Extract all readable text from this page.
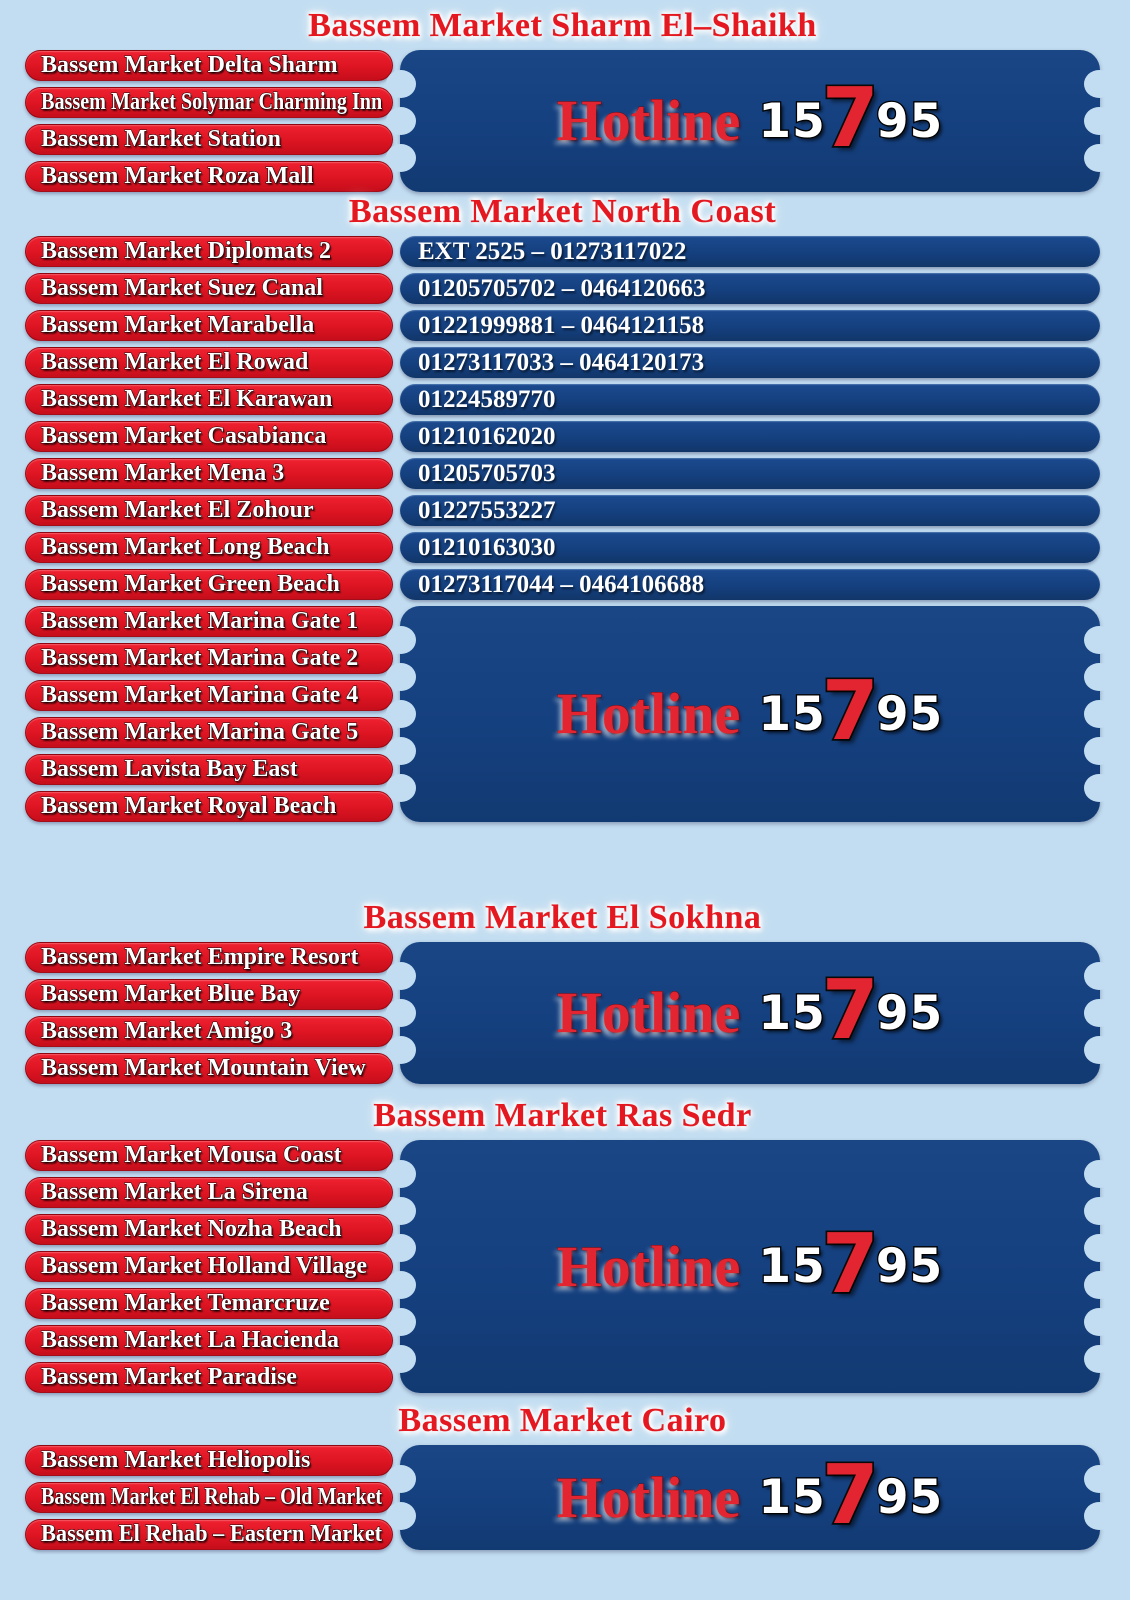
Bassem Market Sharm El–Shaikh
Bassem Market Delta Sharm
Bassem Market Solymar Charming Inn
Bassem Market Station
Bassem Market Roza Mall
Hotline 15
7
95
Bassem Market North Coast
Bassem Market Diplomats 2	EXT 2525 – 01273117022
Bassem Market Suez Canal	01205705702 – 0464120663
Bassem Market Marabella	01221999881 – 0464121158
Bassem Market El Rowad	01273117033 – 0464120173
Bassem Market El Karawan	01224589770
Bassem Market Casabianca	01210162020
Bassem Market Mena 3	01205705703
Bassem Market El Zohour	01227553227
Bassem Market Long Beach	01210163030
Bassem Market Green Beach	01273117044 – 0464106688
Bassem Market Marina Gate 1
Bassem Market Marina Gate 2
Bassem Market Marina Gate 4
Bassem Market Marina Gate 5
Bassem Lavista Bay East
Bassem Market Royal Beach
Hotline 15
7
95
Bassem Market El Sokhna
Bassem Market Empire Resort
Bassem Market Blue Bay
Bassem Market Amigo 3
Bassem Market Mountain View
Hotline 15
7
95
Bassem Market Ras Sedr
Bassem Market Mousa Coast
Bassem Market La Sirena
Bassem Market Nozha Beach
Bassem Market Holland Village
Bassem Market Temarcruze
Bassem Market La Hacienda
Bassem Market Paradise
Hotline 15
7
95
Bassem Market Cairo
Bassem Market Heliopolis
Bassem Market El Rehab – Old Market
Bassem El Rehab – Eastern Market
Hotline 15
7
95
